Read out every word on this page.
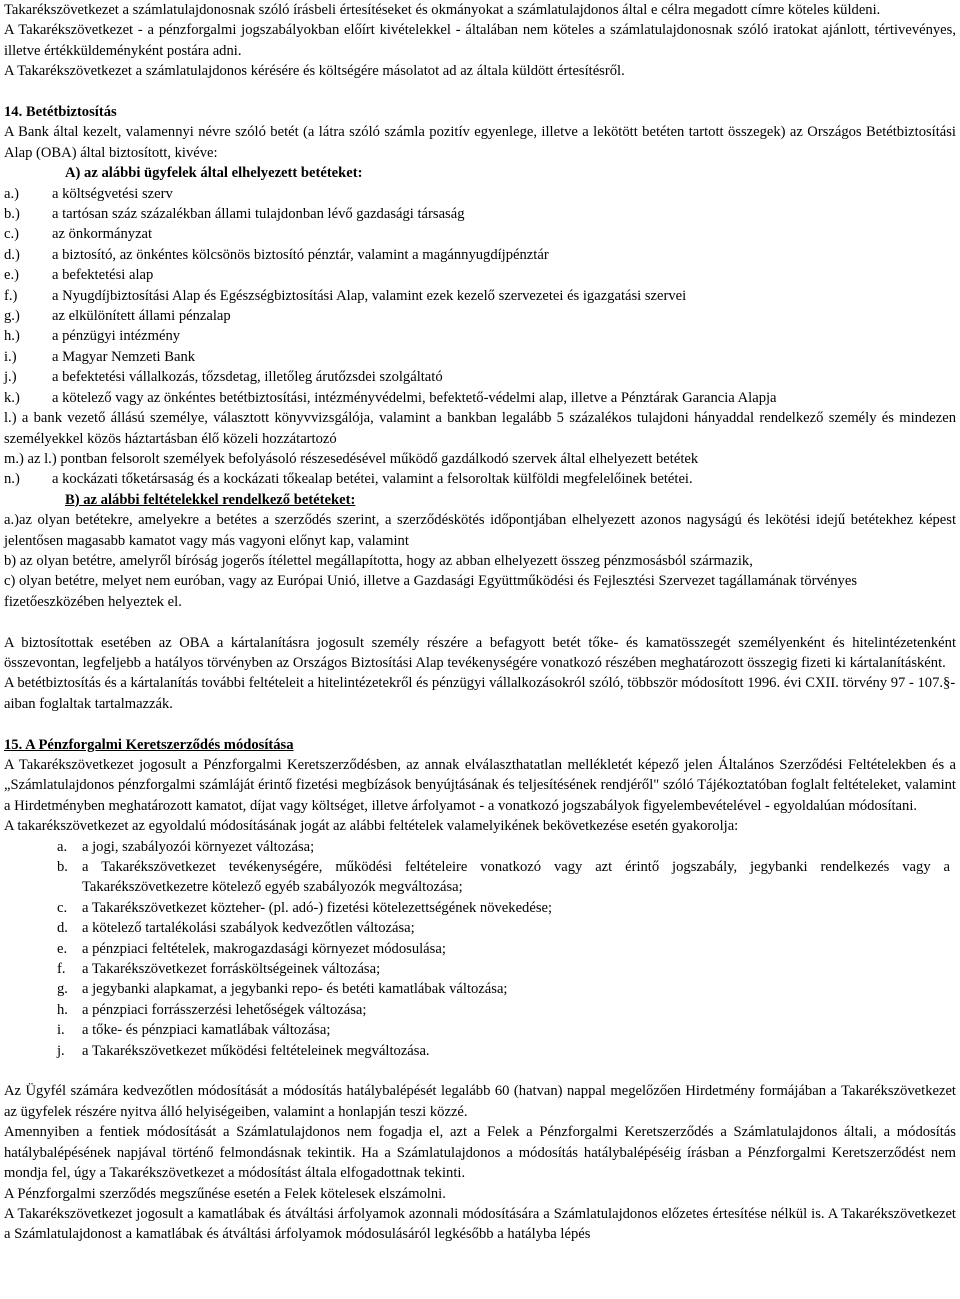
Takarékszövetkezet a számlatulajdonosnak szóló írásbeli értesítéseket és okmányokat a számlatulajdonos által e célra megadott címre köteles küldeni.

A Takarékszövetkezet - a pénzforgalmi jogszabályokban előírt kivételekkel - általában nem köteles a számlatulajdonosnak szóló iratokat ajánlott, tértivevényes, illetve értékküldeményként postára adni.

A Takarékszövetkezet a számlatulajdonos kérésére és költségére másolatot ad az általa küldött értesítésről.

14. Betétbiztosítás

A Bank által kezelt, valamennyi névre szóló betét (a látra szóló számla pozitív egyenlege, illetve a lekötött betéten tartott összegek) az Országos Betétbiztosítási Alap (OBA) által biztosított, kivéve:

A) az alábbi ügyfelek által elhelyezett betéteket:
a.)	a költségvetési szerv
b.)	a tartósan száz százalékban állami tulajdonban lévő gazdasági társaság
c.)	az önkormányzat
d.)	a biztosító, az önkéntes kölcsönös biztosító pénztár, valamint a magánnyugdíjpénztár
e.)	a befektetési alap
f.)	a Nyugdíjbiztosítási Alap és Egészségbiztosítási Alap, valamint ezek kezelő szervezetei és igazgatási szervei
g.)	az elkülönített állami pénzalap
h.)	a pénzügyi intézmény
i.)	a Magyar Nemzeti Bank
j.)	a befektetési vállalkozás, tőzsdetag, illetőleg árutőzsdei szolgáltató
k.)	a kötelező vagy az önkéntes betétbiztosítási, intézményvédelmi, befektető-védelmi alap, illetve a Pénztárak Garancia Alapja

l.) a bank vezető állású személye, választott könyvvizsgálója, valamint a bankban legalább 5 százalékos tulajdoni hányaddal rendelkező személy és mindezen személyekkel közös háztartásban élő közeli hozzátartozó

m.) az l.) pontban felsorolt személyek befolyásoló részesedésével működő gazdálkodó szervek által elhelyezett betétek

n.)	a kockázati tőketársaság és a kockázati tőkealap betétei, valamint a felsoroltak külföldi megfelelőinek betétei.
B) az alábbi feltételekkel rendelkező betéteket:

a.)az olyan betétekre, amelyekre a betétes a szerződés szerint, a szerződéskötés időpontjában elhelyezett azonos nagyságú és lekötési idejű betétekhez képest jelentősen magasabb kamatot vagy más vagyoni előnyt kap, valamint

b) az olyan betétre, amelyről bíróság jogerős ítélettel megállapította, hogy az abban elhelyezett összeg pénzmosásból származik,

c) olyan betétre, melyet nem euróban, vagy az Európai Unió, illetve a Gazdasági Együttműködési és Fejlesztési Szervezet tagállamának törvényes fizetőeszközében helyeztek el.

A biztosítottak esetében az OBA a kártalanításra jogosult személy részére a befagyott betét tőke- és kamatösszegét személyenként és hitelintézetenként összevontan, legfeljebb a hatályos törvényben az Országos Biztosítási Alap tevékenységére vonatkozó részében meghatározott összegig fizeti ki kártalanításként.

A betétbiztosítás és a kártalanítás további feltételeit a hitelintézetekről és pénzügyi vállalkozásokról szóló, többször módosított 1996. évi CXII. törvény 97 - 107.§-aiban foglaltak tartalmazzák.

15. A Pénzforgalmi Keretszerződés módosítása

A Takarékszövetkezet jogosult a Pénzforgalmi Keretszerződésben, az annak elválaszthatatlan mellékletét képező jelen Általános Szerződési Feltételekben és a „Számlatulajdonos pénzforgalmi számláját érintő fizetési megbízások benyújtásának és teljesítésének rendjéről" szóló Tájékoztatóban foglalt feltételeket, valamint a Hirdetményben meghatározott kamatot, díjat vagy költséget, illetve árfolyamot - a vonatkozó jogszabályok figyelembevételével - egyoldalúan módosítani.

A takarékszövetkezet az egyoldalú módosításának jogát az alábbi feltételek valamelyikének bekövetkezése esetén gyakorolja:

a.	a jogi, szabályozói környezet változása;
b. a Takarékszövetkezet tevékenységére, működési feltételeire vonatkozó vagy azt érintő jogszabály, jegybanki rendelkezés vagy a Takarékszövetkezetre kötelező egyéb szabályozók megváltozása;
c.	a Takarékszövetkezet közteher- (pl. adó-) fizetési kötelezettségének növekedése;
d. a kötelező tartalékolási szabályok kedvezőtlen változása;
e.	a pénzpiaci feltételek, makrogazdasági környezet módosulása;
f.	a Takarékszövetkezet forrásköltségeinek változása;
g. a jegybanki alapkamat, a jegybanki repo- és betéti kamatlábak változása;
h. a pénzpiaci forrásszerzési lehetőségek változása;
i.	a tőke- és pénzpiaci kamatlábak változása;
j.	a Takarékszövetkezet működési feltételeinek megváltozása.

Az Ügyfél számára kedvezőtlen módosítását a módosítás hatálybalépését legalább 60 (hatvan) nappal megelőzően Hirdetmény formájában a Takarékszövetkezet az ügyfelek részére nyitva álló helyiségeiben, valamint a honlapján teszi közzé.

Amennyiben a fentiek módosítását a Számlatulajdonos nem fogadja el, azt a Felek a Pénzforgalmi Keretszerződés a Számlatulajdonos általi, a módosítás hatálybalépésének napjával történő felmondásnak tekintik. Ha a Számlatulajdonos a módosítás hatálybalépéséig írásban a Pénzforgalmi Keretszerződést nem mondja fel, úgy a Takarékszövetkezet a módosítást általa elfogadottnak tekinti.

A Pénzforgalmi szerződés megszűnése esetén a Felek kötelesek elszámolni.

A Takarékszövetkezet jogosult a kamatlábak és átváltási árfolyamok azonnali módosítására a Számlatulajdonos előzetes értesítése nélkül is. A Takarékszövetkezet a Számlatulajdonost a kamatlábak és átváltási árfolyamok módosulásáról legkésőbb a hatályba lépés
